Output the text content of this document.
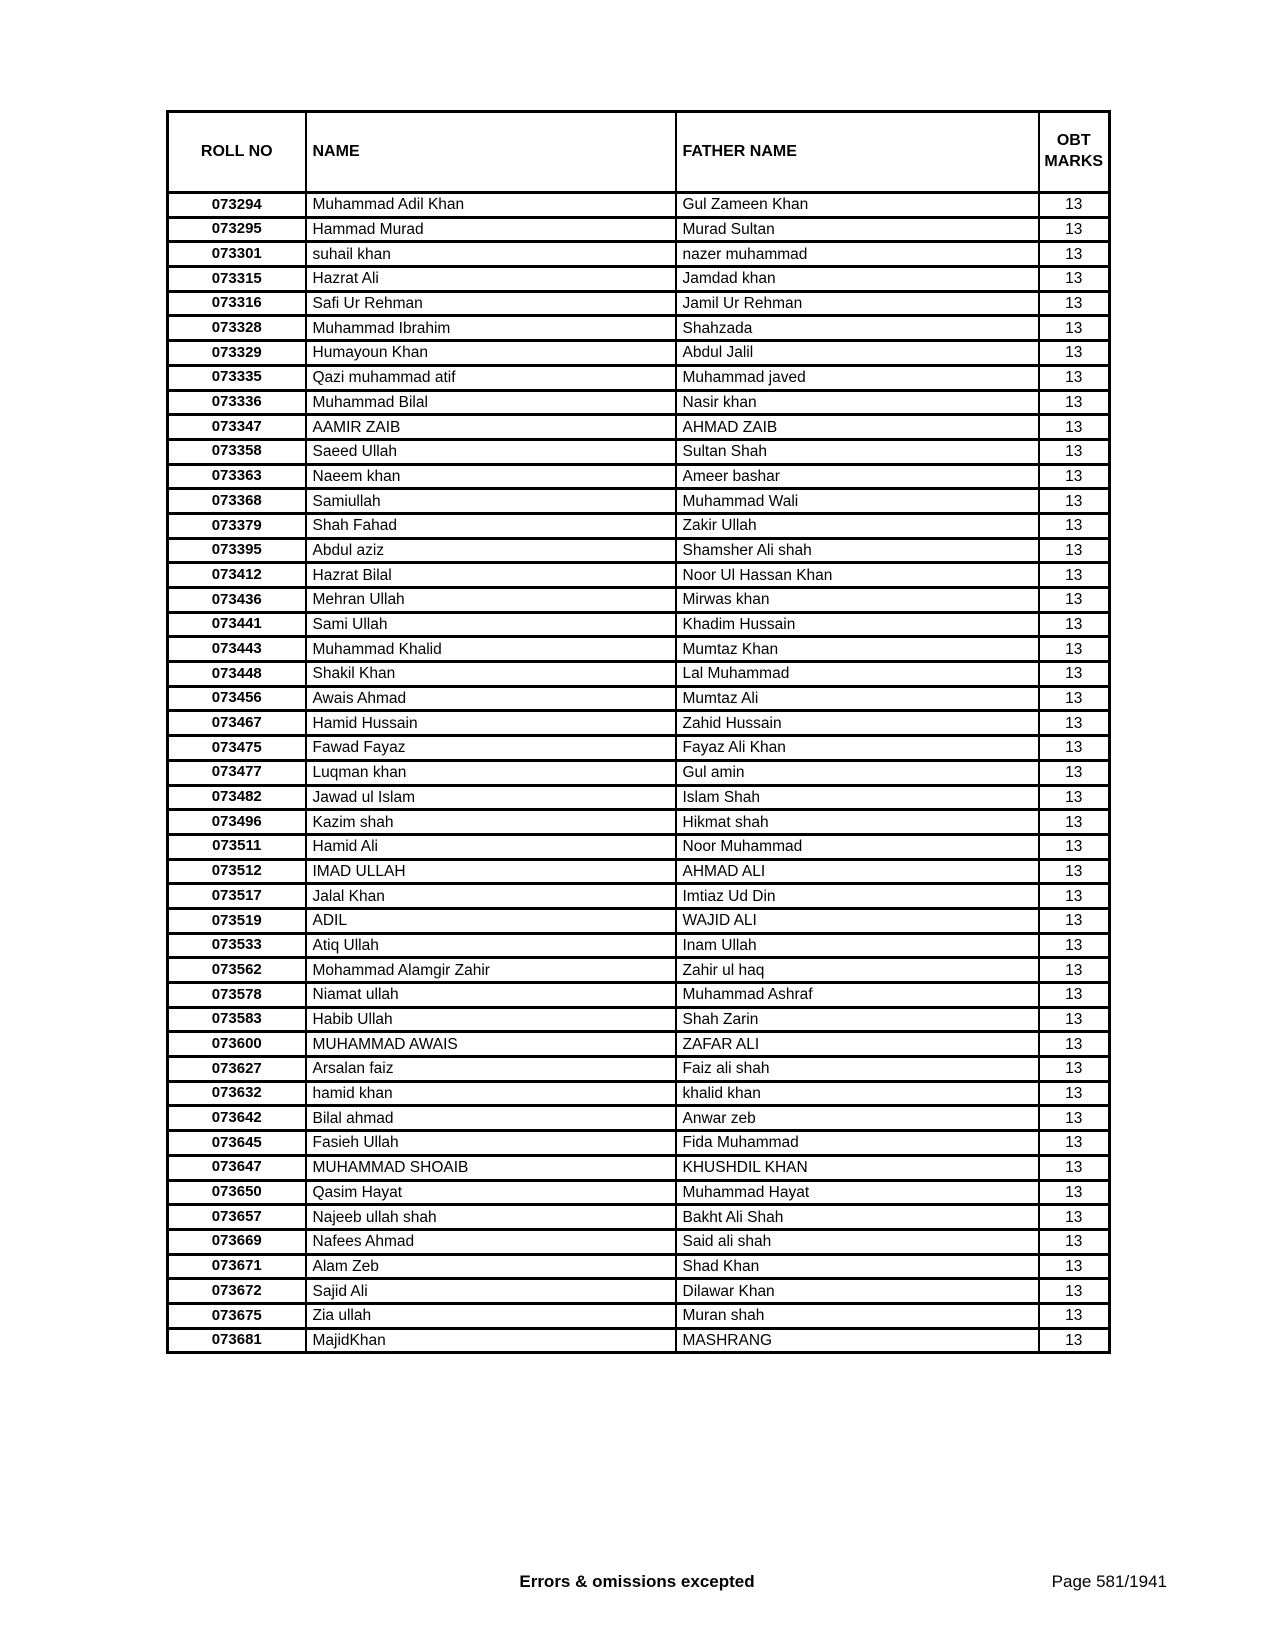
ROLL NO	NAME	FATHER NAME	OBT MARKS
073294	Muhammad Adil Khan	Gul Zameen Khan	13
073295	Hammad Murad	Murad Sultan	13
073301	suhail khan	nazer muhammad	13
073315	Hazrat Ali	Jamdad khan	13
073316	Safi Ur Rehman	Jamil Ur Rehman	13
073328	Muhammad Ibrahim	Shahzada	13
073329	Humayoun Khan	Abdul Jalil	13
073335	Qazi muhammad atif	Muhammad javed	13
073336	Muhammad Bilal	Nasir khan	13
073347	AAMIR ZAIB	AHMAD ZAIB	13
073358	Saeed Ullah	Sultan Shah	13
073363	Naeem khan	Ameer bashar	13
073368	Samiullah	Muhammad Wali	13
073379	Shah Fahad	Zakir Ullah	13
073395	Abdul aziz	Shamsher Ali shah	13
073412	Hazrat Bilal	Noor Ul Hassan Khan	13
073436	Mehran Ullah	Mirwas khan	13
073441	Sami Ullah	Khadim Hussain	13
073443	Muhammad Khalid	Mumtaz Khan	13
073448	Shakil Khan	Lal Muhammad	13
073456	Awais Ahmad	Mumtaz Ali	13
073467	Hamid Hussain	Zahid Hussain	13
073475	Fawad Fayaz	Fayaz Ali Khan	13
073477	Luqman khan	Gul amin	13
073482	Jawad ul Islam	Islam Shah	13
073496	Kazim shah	Hikmat shah	13
073511	Hamid Ali	Noor Muhammad	13
073512	IMAD ULLAH	AHMAD ALI	13
073517	Jalal Khan	Imtiaz Ud Din	13
073519	ADIL	WAJID ALI	13
073533	Atiq Ullah	Inam Ullah	13
073562	Mohammad Alamgir Zahir	Zahir ul haq	13
073578	Niamat ullah	Muhammad Ashraf	13
073583	Habib Ullah	Shah Zarin	13
073600	MUHAMMAD AWAIS	ZAFAR ALI	13
073627	Arsalan faiz	Faiz ali shah	13
073632	hamid khan	khalid khan	13
073642	Bilal ahmad	Anwar zeb	13
073645	Fasieh Ullah	Fida Muhammad	13
073647	MUHAMMAD SHOAIB	KHUSHDIL KHAN	13
073650	Qasim Hayat	Muhammad Hayat	13
073657	Najeeb ullah shah	Bakht Ali Shah	13
073669	Nafees Ahmad	Said ali shah	13
073671	Alam Zeb	Shad Khan	13
073672	Sajid Ali	Dilawar Khan	13
073675	Zia ullah	Muran shah	13
073681	MajidKhan	MASHRANG	13
Errors & omissions excepted	Page 581/1941
